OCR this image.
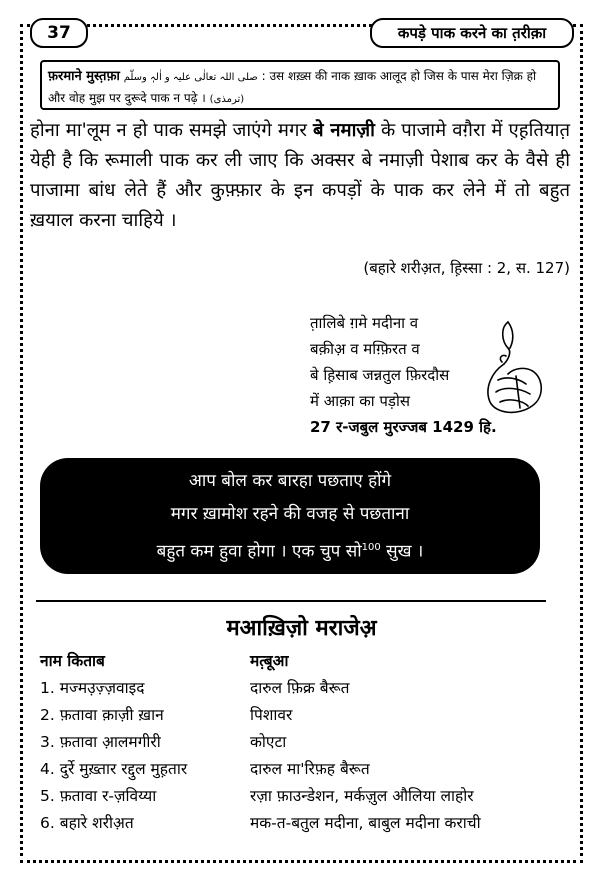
37	कपड़े पाक करने का त़रीक़ा
फ़रमाने मुस्त़फ़ा صلی اللہ تعالٰی علیہ و اٰلہٖ وسلّم : उस शख़्स की नाक ख़ाक आलूद हो जिस के पास मेरा ज़िक्र हो
और वोह मुझ पर दुरूदे पाक न पढ़े । (ترمذی)
होना मा'लूम न हो पाक समझे जाएंगे मगर बे नमाज़ी के पाजामे वग़ैरा में एह़तियात़ येही है कि रूमाली पाक कर ली जाए कि अक्सर बे नमाज़ी पेशाब कर के वैसे ही पाजामा बांध लेते हैं और कुफ़्फ़ार के इन कपड़ों के पाक कर लेने में तो बहुत ख़याल करना चाहिये ।
(बहारे शरीअ़त, ह़िस्सा : 2, स. 127)
त़ालिबे ग़मे मदीना व
बक़ीअ़ व मग़्फ़िरत व
बे ह़िसाब जन्नतुल फ़िरदौस
में आक़ा का पड़ोस
27 र-जबुल मुरज्जब 1429 हि.
आप बोल कर बारहा पछताए होंगे
मगर ख़ामोश रहने की वजह से पछताना
बहुत कम हुवा होगा । एक चुप सो$^{100}$ सुख ।
मआख़िज़ो मराजेअ़
नाम किताब	मत़्बूआ
1. मज्मउ़ज़्ज़वाइद	दारुल फ़िक्र बैरूत
2. फ़तावा क़ाज़ी ख़ान	पिशावर
3. फ़तावा आ़लमगीरी	कोएटा
4. दुर्रे मुख़्तार रद्दुल मुह़तार	दारुल मा'रिफ़ह बैरूत
5. फ़तावा र-ज़विय्या	रज़ा फ़ाउन्डेशन, मर्कज़ुल औलिया लाहोर
6. बहारे शरीअ़त	मक-त-बतुल मदीना, बाबुल मदीना कराची
